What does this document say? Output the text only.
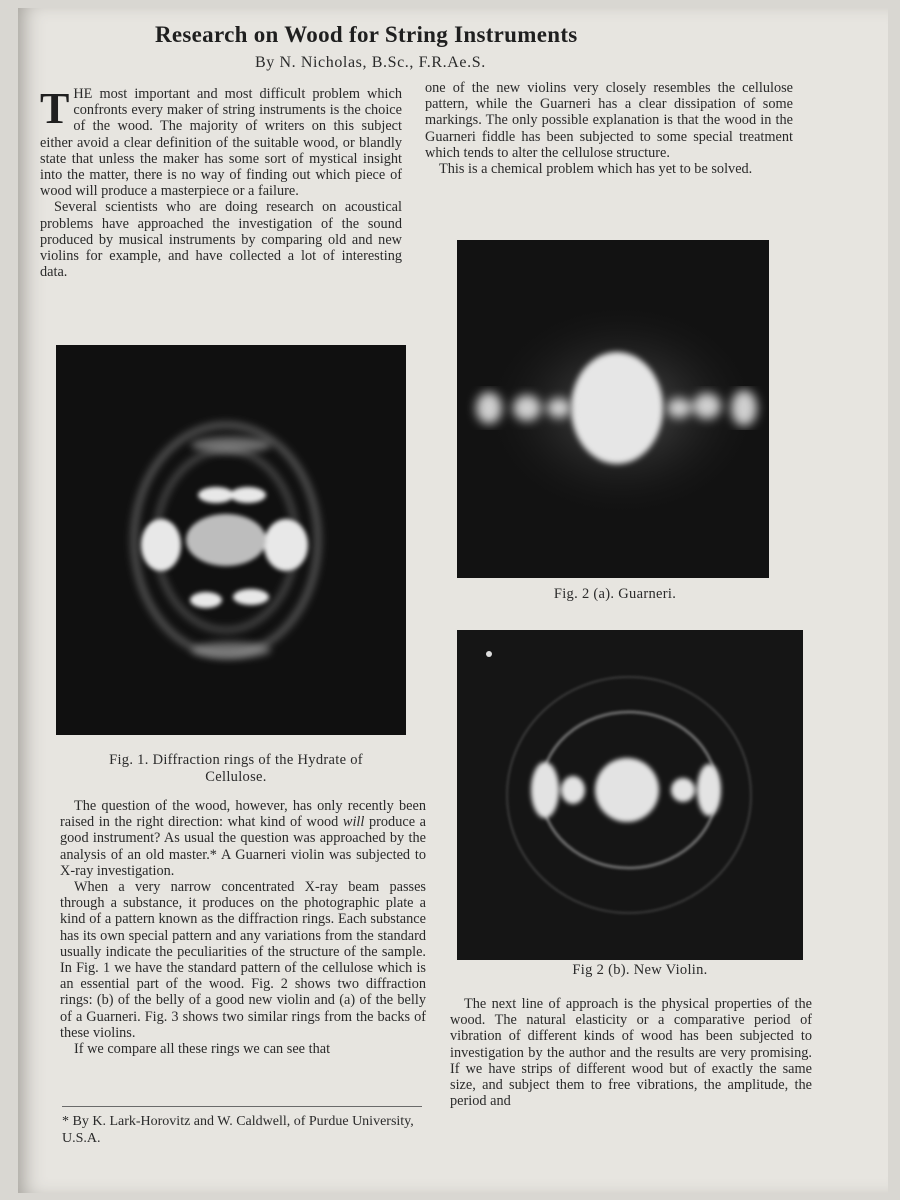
Research on Wood for String Instruments
By N. Nicholas, B.Sc., F.R.Ae.S.
T HE most important and most difficult problem which confronts every maker of string instruments is the choice of the wood. The majority of writers on this subject either avoid a clear definition of the suitable wood, or blandly state that unless the maker has some sort of mystical insight into the matter, there is no way of finding out which piece of wood will produce a masterpiece or a failure.

Several scientists who are doing research on acoustical problems have approached the investigation of the sound produced by musical instruments by comparing old and new violins for example, and have collected a lot of interesting data.

Fig. 1. Diffraction rings of the Hydrate of
Cellulose.

The question of the wood, however, has only recently been raised in the right direction: what kind of wood will produce a good instrument? As usual the question was approached by the analysis of an old master.* A Guarneri violin was subjected to X-ray investigation.

When a very narrow concentrated X-ray beam passes through a substance, it produces on the photographic plate a kind of a pattern known as the diffraction rings. Each substance has its own special pattern and any variations from the standard usually indicate the peculiarities of the structure of the sample. In Fig. 1 we have the standard pattern of the cellulose which is an essential part of the wood. Fig. 2 shows two diffraction rings: (b) of the belly of a good new violin and (a) of the belly of a Guarneri. Fig. 3 shows two similar rings from the backs of these violins.

If we compare all these rings we can see that

* By K. Lark-Horovitz and W. Caldwell, of Purdue University, U.S.A.

one of the new violins very closely resembles the cellulose pattern, while the Guarneri has a clear dissipation of some markings. The only possible explanation is that the wood in the Guarneri fiddle has been subjected to some special treatment which tends to alter the cellulose structure.

This is a chemical problem which has yet to be solved.

Fig. 2 (a). Guarneri.
Fig 2 (b). New Violin.

The next line of approach is the physical properties of the wood. The natural elasticity or a comparative period of vibration of different kinds of wood has been subjected to investigation by the author and the results are very promising. If we have strips of different wood but of exactly the same size, and subject them to free vibrations, the amplitude, the period and
